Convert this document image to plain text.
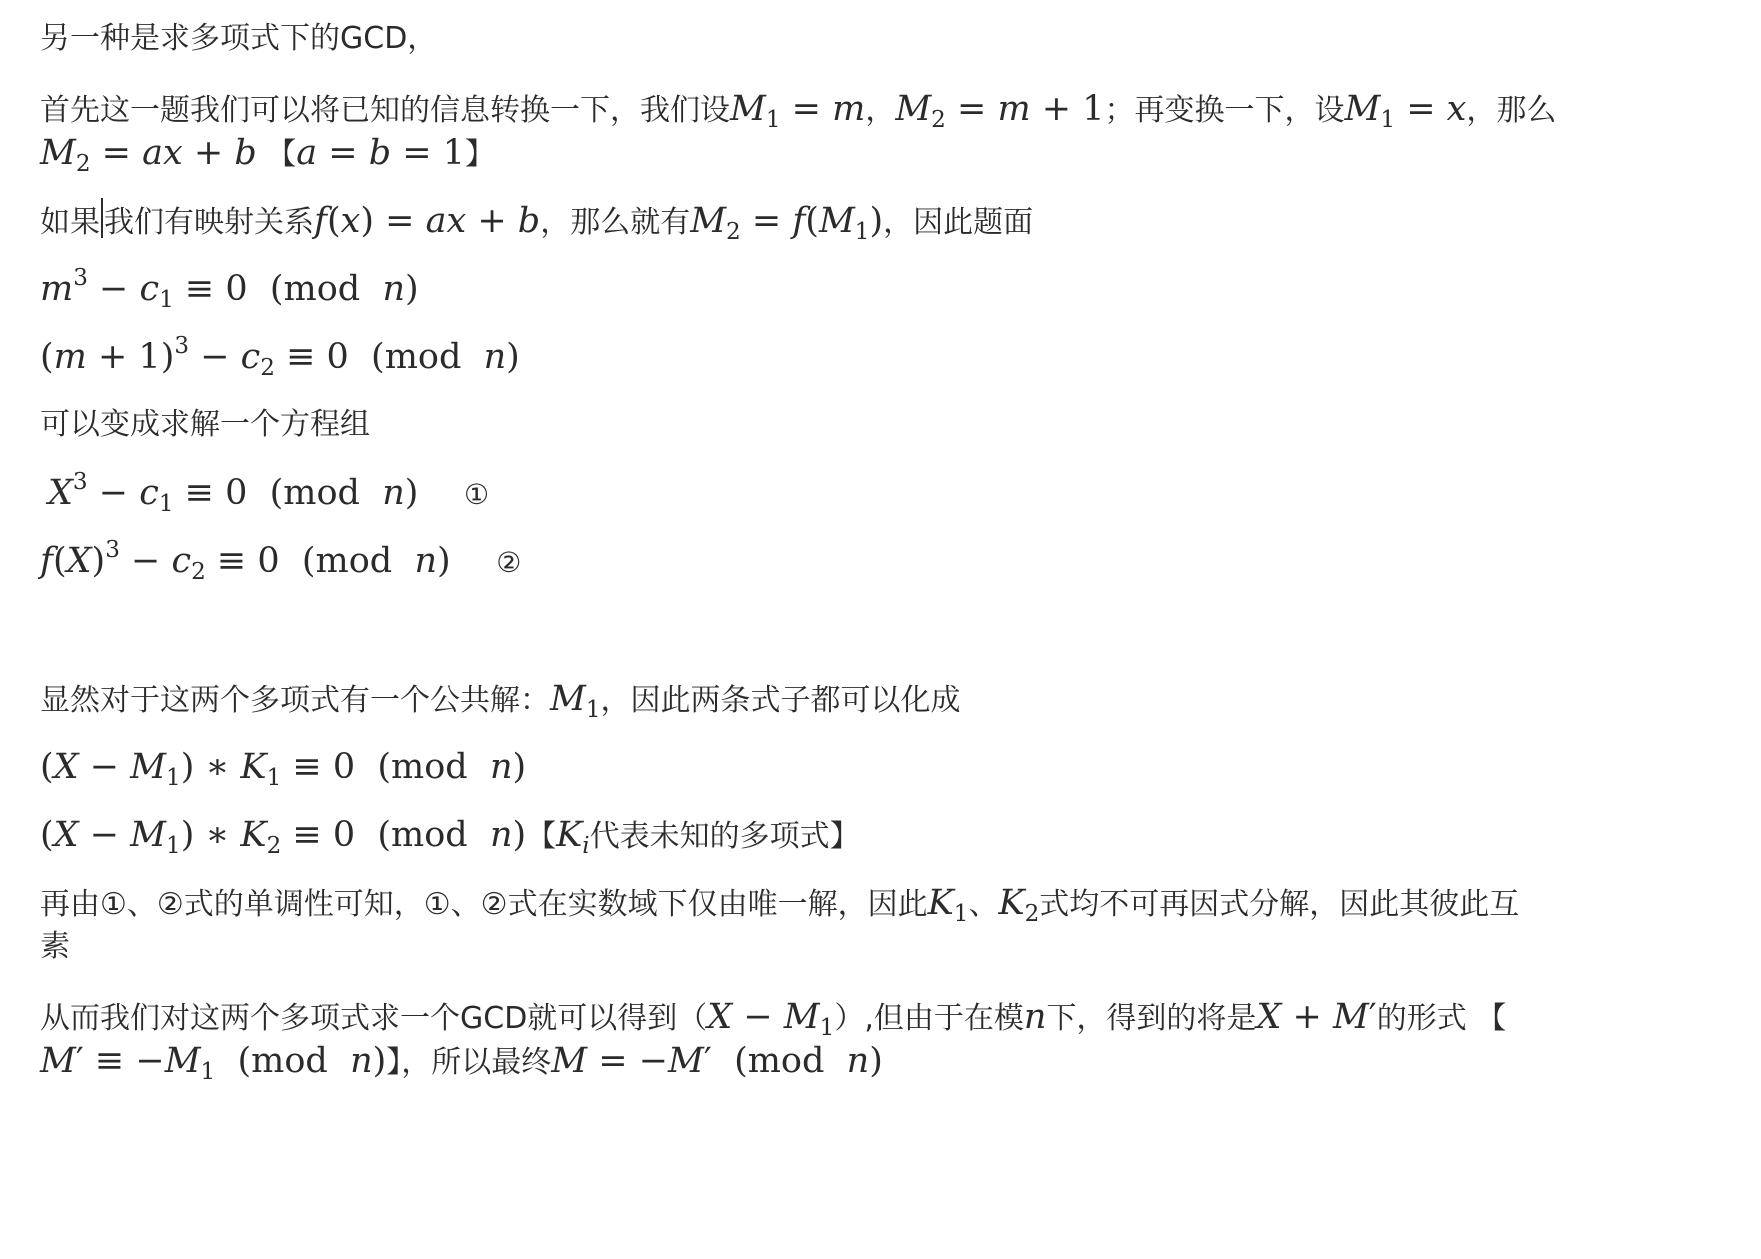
另一种是求多项式下的GCD，
首先这一题我们可以将已知的信息转换一下，我们设$M_1 = m$，$M_2 = m + 1$；再变换一下，设$M_1 = x$，那么
$M_2$ = ax + b 【a = b = 1】
如果 我们有映射关系f(x) = ax + b，那么就有$M_2 = f(M_1)$，因此题面
$m^3 - c_1 \equiv 0$  (mod  n)
$(m + 1)^3 - c_2 \equiv 0$  (mod  n)
可以变成求解一个方程组
$X^3 - c_1 \equiv 0$  (mod  n) ①
$f(X)^3 - c_2 \equiv 0$  (mod  n) ②
显然对于这两个多项式有一个公共解：$M_1$，因此两条式子都可以化成
$(X - M_1)$ ∗ $K_1 \equiv 0$  (mod  n)
$(X - M_1)$ ∗ $K_2 \equiv 0$  (mod  n)【$K_i$代表未知的多项式】
再由①、②式的单调性可知，①、②式在实数域下仅由唯一解，因此$K_1$、$K_2$式均不可再因式分解，因此其彼此互
素
从而我们对这两个多项式求一个GCD就可以得到$(X - M_1)$,但由于在模n下，得到的将是X + M′的形式 【
$M' \equiv -M_1$  (mod  n)】，所以最终M = −M′  (mod  n)
